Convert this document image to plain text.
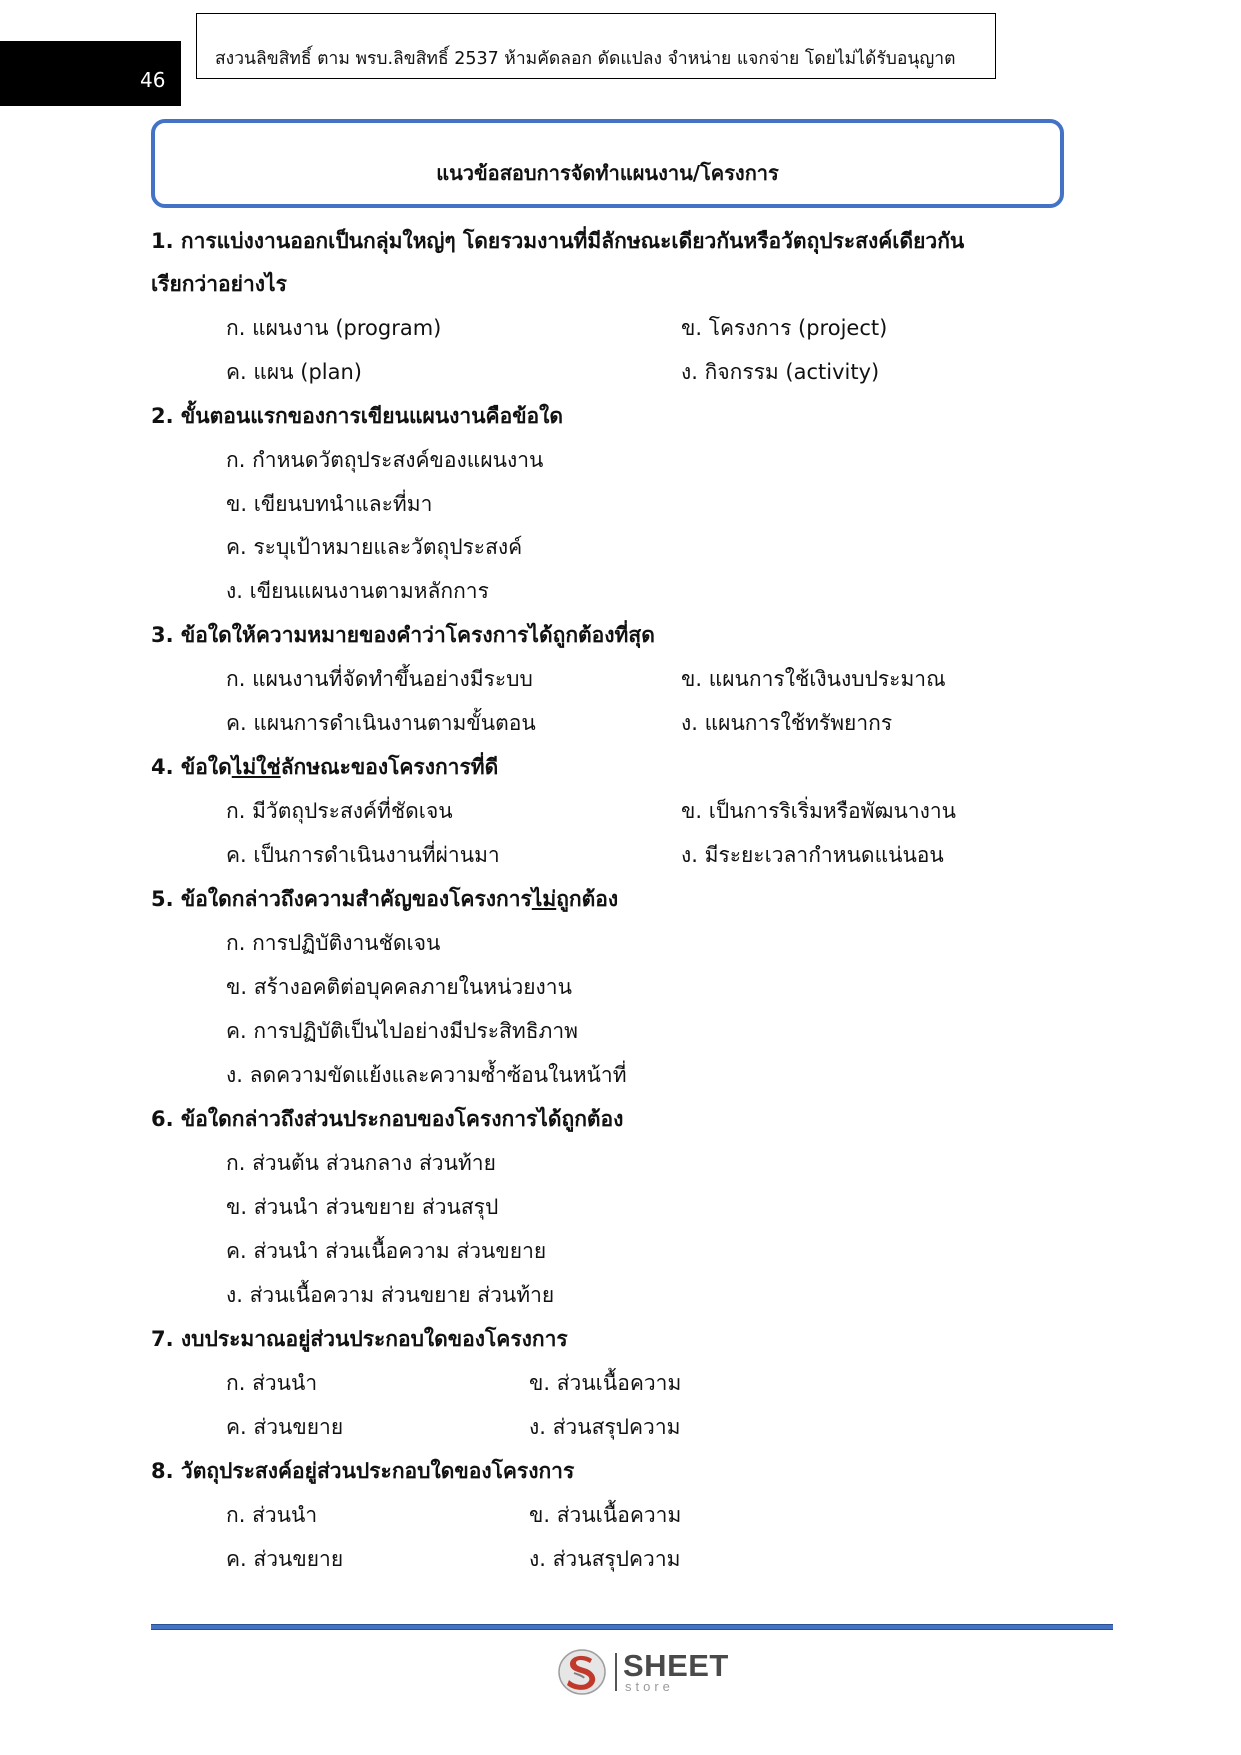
46
สงวนลิขสิทธิ์ ตาม พรบ.ลิขสิทธิ์ 2537 ห้ามคัดลอก ดัดแปลง จำหน่าย แจกจ่าย โดยไม่ได้รับอนุญาต
แนวข้อสอบการจัดทำแผนงาน/โครงการ
1. การแบ่งงานออกเป็นกลุ่มใหญ่ๆ โดยรวมงานที่มีลักษณะเดียวกันหรือวัตถุประสงค์เดียวกัน
เรียกว่าอย่างไร
ก. แผนงาน (program)	ข. โครงการ (project)
ค. แผน (plan)	ง. กิจกรรม (activity)
2. ขั้นตอนแรกของการเขียนแผนงานคือข้อใด
ก. กำหนดวัตถุประสงค์ของแผนงาน
ข. เขียนบทนำและที่มา
ค. ระบุเป้าหมายและวัตถุประสงค์
ง. เขียนแผนงานตามหลักการ
3. ข้อใดให้ความหมายของคำว่าโครงการได้ถูกต้องที่สุด
ก. แผนงานที่จัดทำขึ้นอย่างมีระบบ	ข. แผนการใช้เงินงบประมาณ
ค. แผนการดำเนินงานตามขั้นตอน	ง. แผนการใช้ทรัพยากร
4. ข้อใดไม่ใช่ลักษณะของโครงการที่ดี
ก. มีวัตถุประสงค์ที่ชัดเจน	ข. เป็นการริเริ่มหรือพัฒนางาน
ค. เป็นการดำเนินงานที่ผ่านมา	ง. มีระยะเวลากำหนดแน่นอน
5. ข้อใดกล่าวถึงความสำคัญของโครงการไม่ถูกต้อง
ก. การปฏิบัติงานชัดเจน
ข. สร้างอคติต่อบุคคลภายในหน่วยงาน
ค. การปฏิบัติเป็นไปอย่างมีประสิทธิภาพ
ง. ลดความขัดแย้งและความซ้ำซ้อนในหน้าที่
6. ข้อใดกล่าวถึงส่วนประกอบของโครงการได้ถูกต้อง
ก. ส่วนต้น ส่วนกลาง ส่วนท้าย
ข. ส่วนนำ ส่วนขยาย ส่วนสรุป
ค. ส่วนนำ ส่วนเนื้อความ ส่วนขยาย
ง. ส่วนเนื้อความ ส่วนขยาย ส่วนท้าย
7. งบประมาณอยู่ส่วนประกอบใดของโครงการ
ก. ส่วนนำ	ข. ส่วนเนื้อความ
ค. ส่วนขยาย	ง. ส่วนสรุปความ
8. วัตถุประสงค์อยู่ส่วนประกอบใดของโครงการ
ก. ส่วนนำ	ข. ส่วนเนื้อความ
ค. ส่วนขยาย	ง. ส่วนสรุปความ
SHEET
store
